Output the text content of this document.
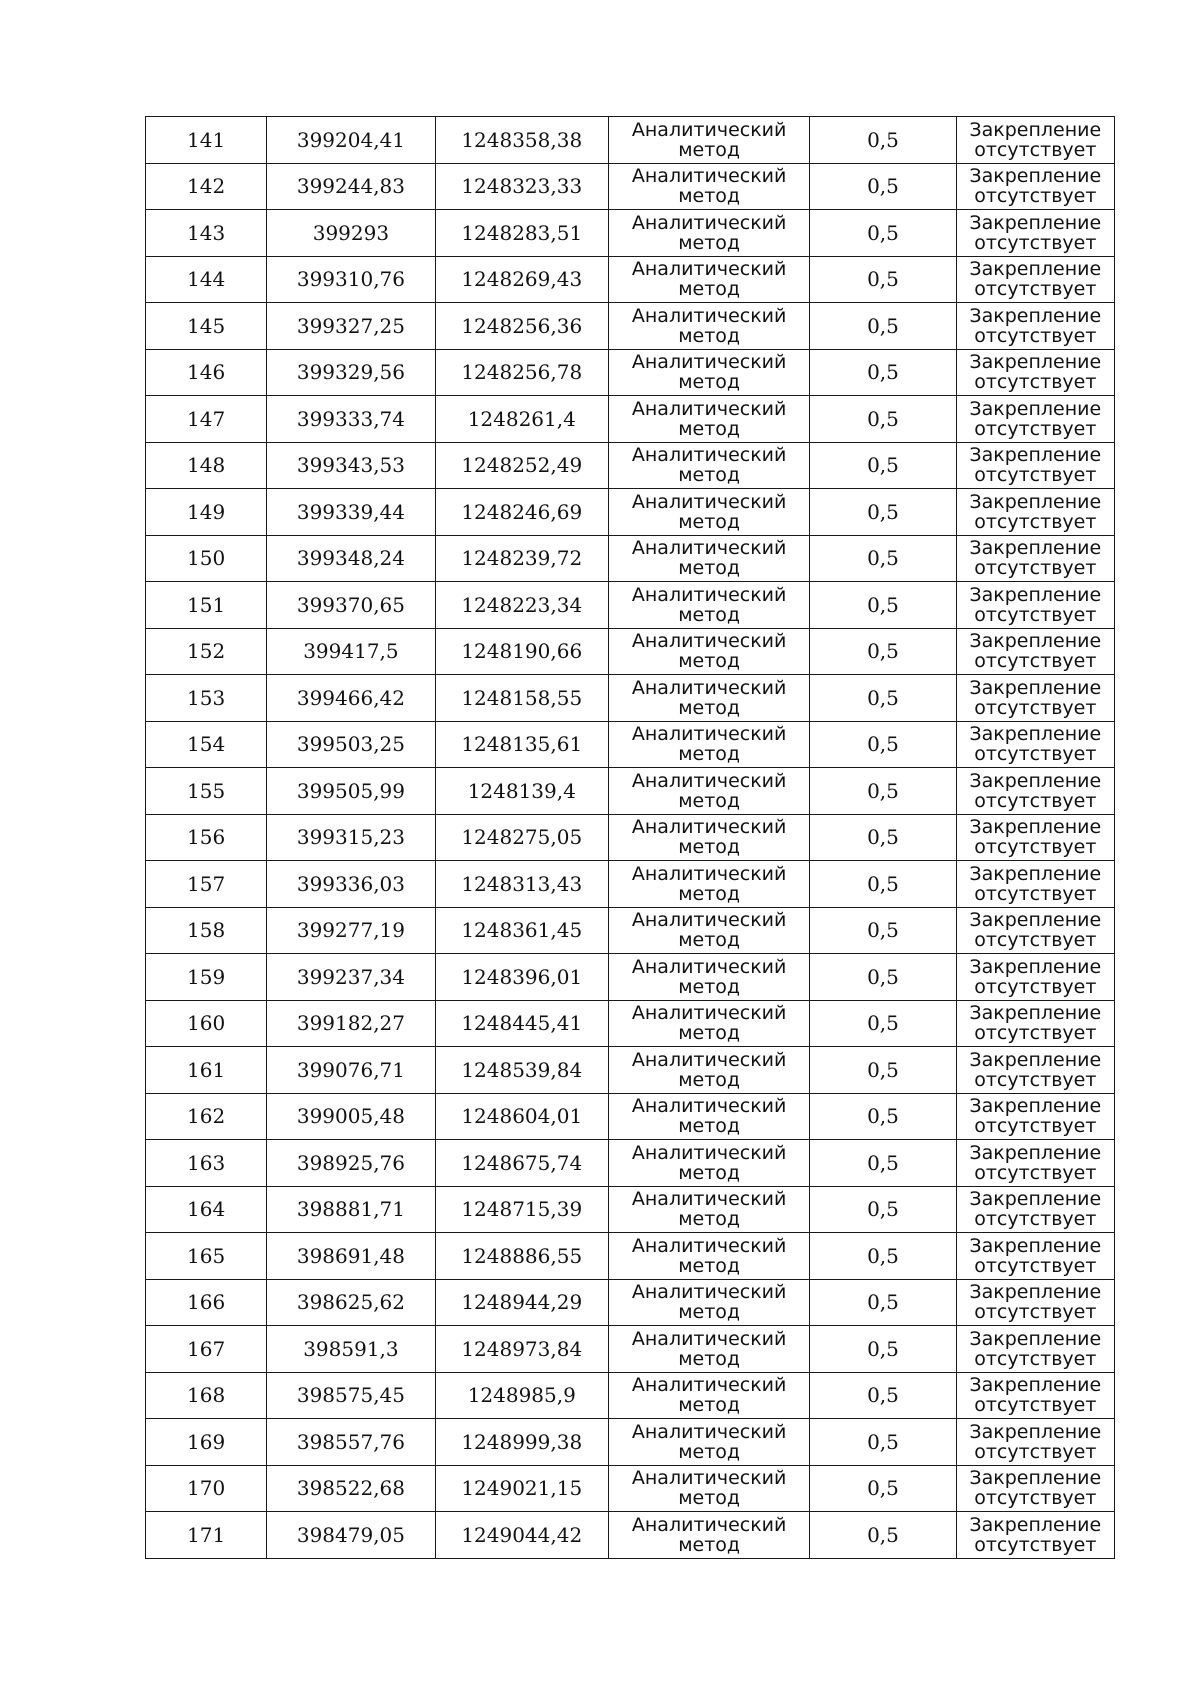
141	399204,41	1248358,38	Аналитический метод	0,5	Закрепление отсутствует
142	399244,83	1248323,33	Аналитический метод	0,5	Закрепление отсутствует
143	399293	1248283,51	Аналитический метод	0,5	Закрепление отсутствует
144	399310,76	1248269,43	Аналитический метод	0,5	Закрепление отсутствует
145	399327,25	1248256,36	Аналитический метод	0,5	Закрепление отсутствует
146	399329,56	1248256,78	Аналитический метод	0,5	Закрепление отсутствует
147	399333,74	1248261,4	Аналитический метод	0,5	Закрепление отсутствует
148	399343,53	1248252,49	Аналитический метод	0,5	Закрепление отсутствует
149	399339,44	1248246,69	Аналитический метод	0,5	Закрепление отсутствует
150	399348,24	1248239,72	Аналитический метод	0,5	Закрепление отсутствует
151	399370,65	1248223,34	Аналитический метод	0,5	Закрепление отсутствует
152	399417,5	1248190,66	Аналитический метод	0,5	Закрепление отсутствует
153	399466,42	1248158,55	Аналитический метод	0,5	Закрепление отсутствует
154	399503,25	1248135,61	Аналитический метод	0,5	Закрепление отсутствует
155	399505,99	1248139,4	Аналитический метод	0,5	Закрепление отсутствует
156	399315,23	1248275,05	Аналитический метод	0,5	Закрепление отсутствует
157	399336,03	1248313,43	Аналитический метод	0,5	Закрепление отсутствует
158	399277,19	1248361,45	Аналитический метод	0,5	Закрепление отсутствует
159	399237,34	1248396,01	Аналитический метод	0,5	Закрепление отсутствует
160	399182,27	1248445,41	Аналитический метод	0,5	Закрепление отсутствует
161	399076,71	1248539,84	Аналитический метод	0,5	Закрепление отсутствует
162	399005,48	1248604,01	Аналитический метод	0,5	Закрепление отсутствует
163	398925,76	1248675,74	Аналитический метод	0,5	Закрепление отсутствует
164	398881,71	1248715,39	Аналитический метод	0,5	Закрепление отсутствует
165	398691,48	1248886,55	Аналитический метод	0,5	Закрепление отсутствует
166	398625,62	1248944,29	Аналитический метод	0,5	Закрепление отсутствует
167	398591,3	1248973,84	Аналитический метод	0,5	Закрепление отсутствует
168	398575,45	1248985,9	Аналитический метод	0,5	Закрепление отсутствует
169	398557,76	1248999,38	Аналитический метод	0,5	Закрепление отсутствует
170	398522,68	1249021,15	Аналитический метод	0,5	Закрепление отсутствует
171	398479,05	1249044,42	Аналитический метод	0,5	Закрепление отсутствует
